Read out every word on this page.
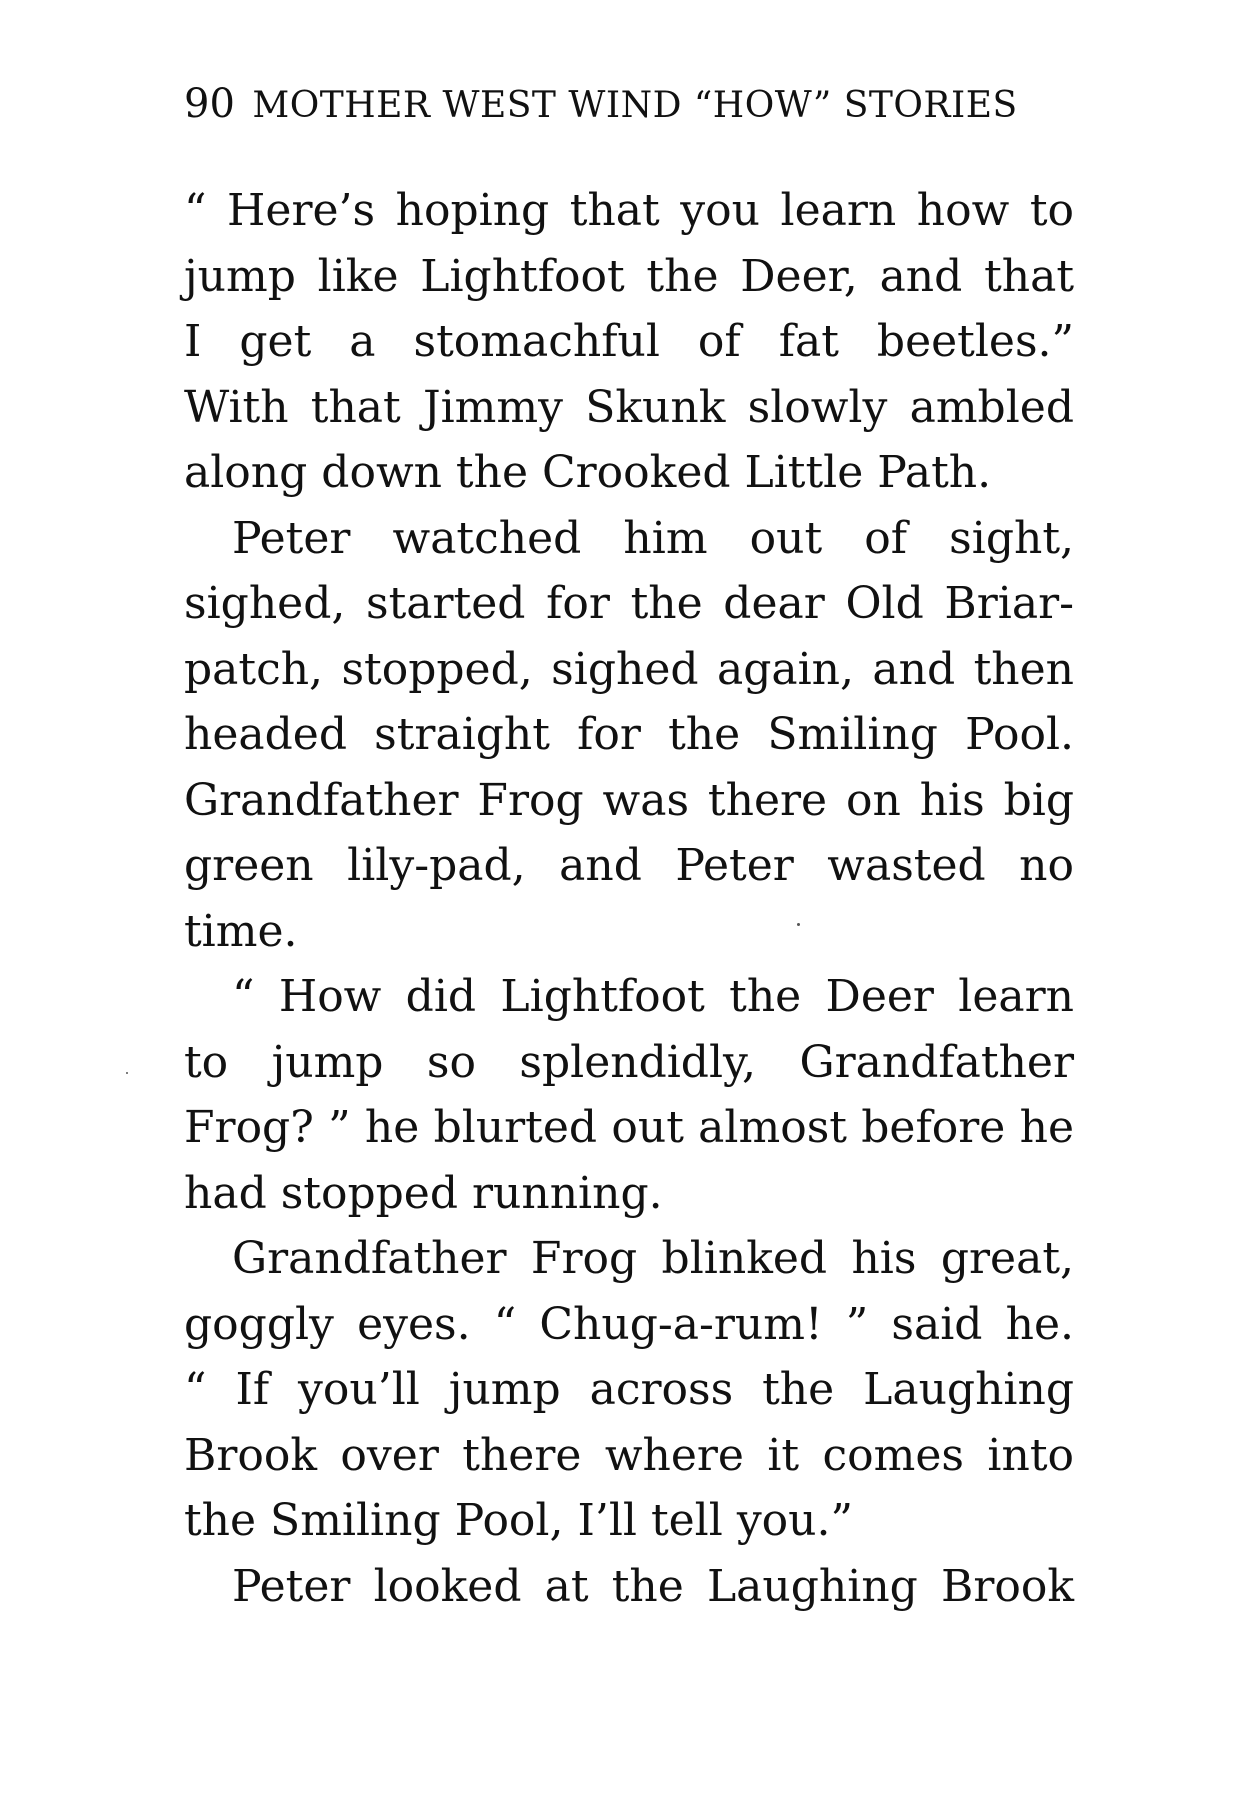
90 MOTHER WEST WIND “HOW” STORIES
“ Here’s hoping that you learn how to
jump like Lightfoot the Deer, and that
I get a stomachful of fat beetles.”
With that Jimmy Skunk slowly ambled
along down the Crooked Little Path.
Peter watched him out of sight,
sighed, started for the dear Old Briar-
patch, stopped, sighed again, and then
headed straight for the Smiling Pool.
Grandfather Frog was there on his big
green lily-pad, and Peter wasted no
time.
“ How did Lightfoot the Deer learn
to jump so splendidly, Grandfather
Frog? ” he blurted out almost before he
had stopped running.
Grandfather Frog blinked his great,
goggly eyes. “ Chug-a-rum! ” said he.
“ If you’ll jump across the Laughing
Brook over there where it comes into
the Smiling Pool, I’ll tell you.”
Peter looked at the Laughing Brook
